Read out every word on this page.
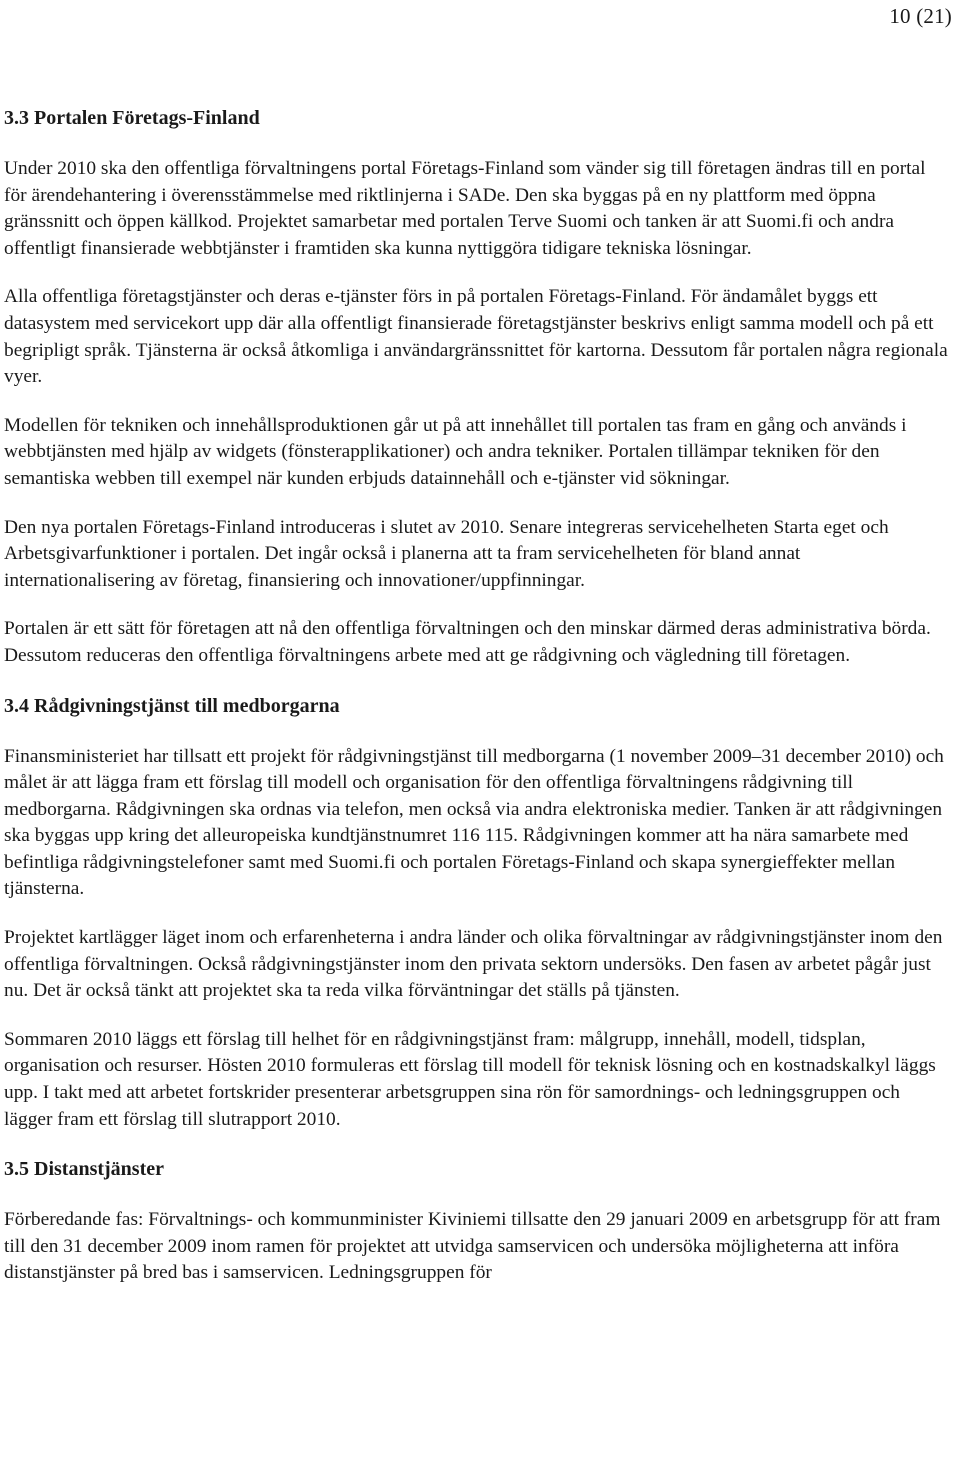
10 (21)
3.3 Portalen Företags-Finland

Under 2010 ska den offentliga förvaltningens portal Företags-Finland som vänder sig till företagen ändras till en portal för ärendehantering i överensstämmelse med riktlinjerna i SADe. Den ska byggas på en ny plattform med öppna gränssnitt och öppen källkod. Projektet samarbetar med portalen Terve Suomi och tanken är att Suomi.fi och andra offentligt finansierade webbtjänster i framtiden ska kunna nyttiggöra tidigare tekniska lösningar.

Alla offentliga företagstjänster och deras e-tjänster förs in på portalen Företags-Finland. För ändamålet byggs ett datasystem med servicekort upp där alla offentligt finansierade företagstjänster beskrivs enligt samma modell och på ett begripligt språk. Tjänsterna är också åtkomliga i användargränssnittet för kartorna. Dessutom får portalen några regionala vyer.

Modellen för tekniken och innehållsproduktionen går ut på att innehållet till portalen tas fram en gång och används i webbtjänsten med hjälp av widgets (fönsterapplikationer) och andra tekniker. Portalen tillämpar tekniken för den semantiska webben till exempel när kunden erbjuds datainnehåll och e-tjänster vid sökningar.

Den nya portalen Företags-Finland introduceras i slutet av 2010. Senare integreras servicehelheten Starta eget och Arbetsgivarfunktioner i portalen. Det ingår också i planerna att ta fram servicehelheten för bland annat internationalisering av företag, finansiering och innovationer/uppfinningar.

Portalen är ett sätt för företagen att nå den offentliga förvaltningen och den minskar därmed deras administrativa börda. Dessutom reduceras den offentliga förvaltningens arbete med att ge rådgivning och vägledning till företagen.

3.4 Rådgivningstjänst till medborgarna

Finansministeriet har tillsatt ett projekt för rådgivningstjänst till medborgarna (1 november 2009–31 december 2010) och målet är att lägga fram ett förslag till modell och organisation för den offentliga förvaltningens rådgivning till medborgarna. Rådgivningen ska ordnas via telefon, men också via andra elektroniska medier. Tanken är att rådgivningen ska byggas upp kring det alleuropeiska kundtjänstnumret 116 115. Rådgivningen kommer att ha nära samarbete med befintliga rådgivningstelefoner samt med Suomi.fi och portalen Företags-Finland och skapa synergieffekter mellan tjänsterna.

Projektet kartlägger läget inom och erfarenheterna i andra länder och olika förvaltningar av rådgivningstjänster inom den offentliga förvaltningen. Också rådgivningstjänster inom den privata sektorn undersöks. Den fasen av arbetet pågår just nu. Det är också tänkt att projektet ska ta reda vilka förväntningar det ställs på tjänsten.

Sommaren 2010 läggs ett förslag till helhet för en rådgivningstjänst fram: målgrupp, innehåll, modell, tidsplan, organisation och resurser. Hösten 2010 formuleras ett förslag till modell för teknisk lösning och en kostnadskalkyl läggs upp. I takt med att arbetet fortskrider presenterar arbetsgruppen sina rön för samordnings- och ledningsgruppen och lägger fram ett förslag till slutrapport 2010.

3.5 Distanstjänster

Förberedande fas: Förvaltnings- och kommunminister Kiviniemi tillsatte den 29 januari 2009 en arbetsgrupp för att fram till den 31 december 2009 inom ramen för projektet att utvidga samservicen och undersöka möjligheterna att införa distanstjänster på bred bas i samservicen. Ledningsgruppen för
